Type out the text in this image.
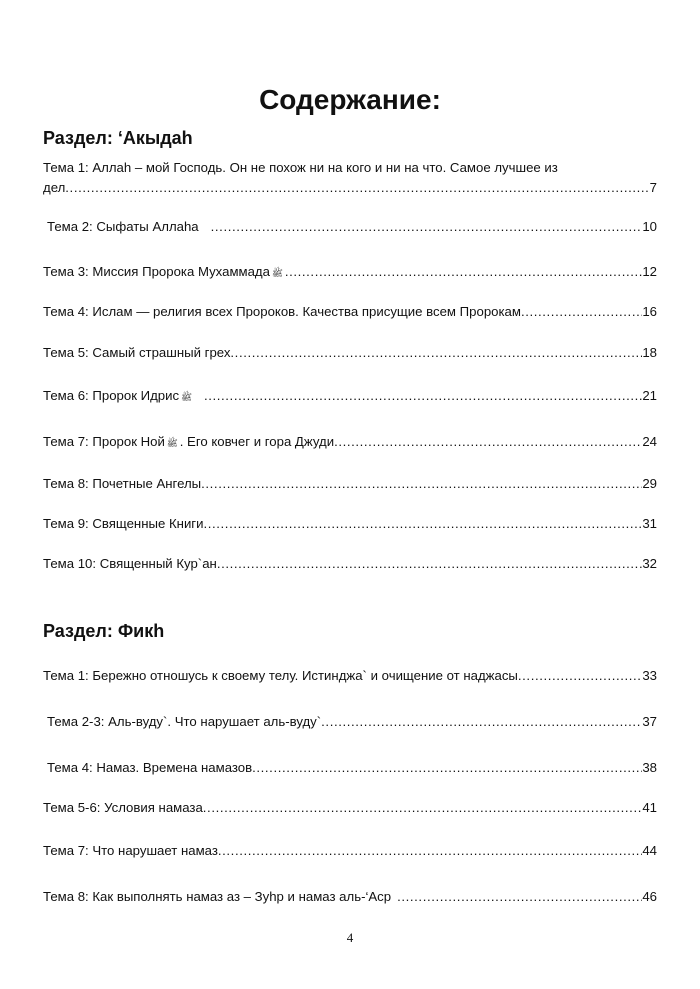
Содержание:
Раздел: ‘Акыдаh
Тема 1: Аллаh – мой Господь. Он не похож ни на кого и ни на что. Самое лучшее из
дел .....	7
Тема 2: Сыфаты Аллаhа .....	10
Тема 3: Миссия Пророка Мухаммада ﷺ .....	12
Тема 4: Ислам — религия всех Пророков. Качества присущие всем Пророкам .....	16
Тема 5: Самый страшный грех .....	18
Тема 6: Пророк Идрис ﷺ .....	21
Тема 7: Пророк Ной ﷺ . Его ковчег и гора Джуди .....	24
Тема 8: Почетные Ангелы .....	29
Тема 9: Священные Книги .....	31
Тема 10: Священный Кур`ан .....	32
Раздел: Фикh
Тема 1: Бережно отношусь к своему телу. Истинджа` и очищение от наджасы .....	33
Тема 2-3: Аль-вуду`. Что нарушает аль-вуду` .....	37
Тема 4: Намаз. Времена намазов .....	38
Тема 5-6: Условия намаза .....	41
Тема 7: Что нарушает намаз .....	44
Тема 8: Как выполнять намаз аз – Зуhр и намаз аль-‘Аср .....	46
4
